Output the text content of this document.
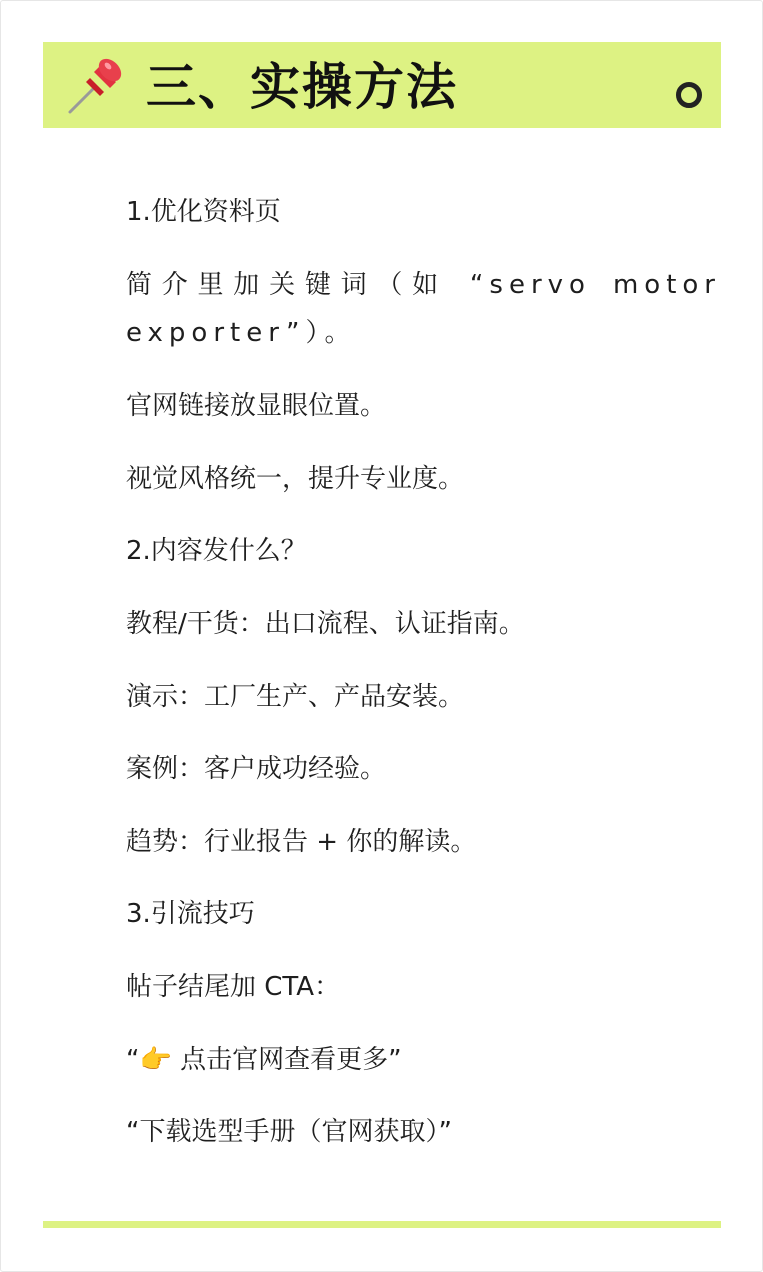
三、实操方法
1.优化资料页
简介里加关键词（如 “servo motor exporter”）。
官网链接放显眼位置。
视觉风格统一，提升专业度。
2.内容发什么？
教程/干货：出口流程、认证指南。
演示：工厂生产、产品安装。
案例：客户成功经验。
趋势：行业报告 + 你的解读。
3.引流技巧
帖子结尾加 CTA：
“👉 点击官网查看更多”
“下载选型手册（官网获取）”
